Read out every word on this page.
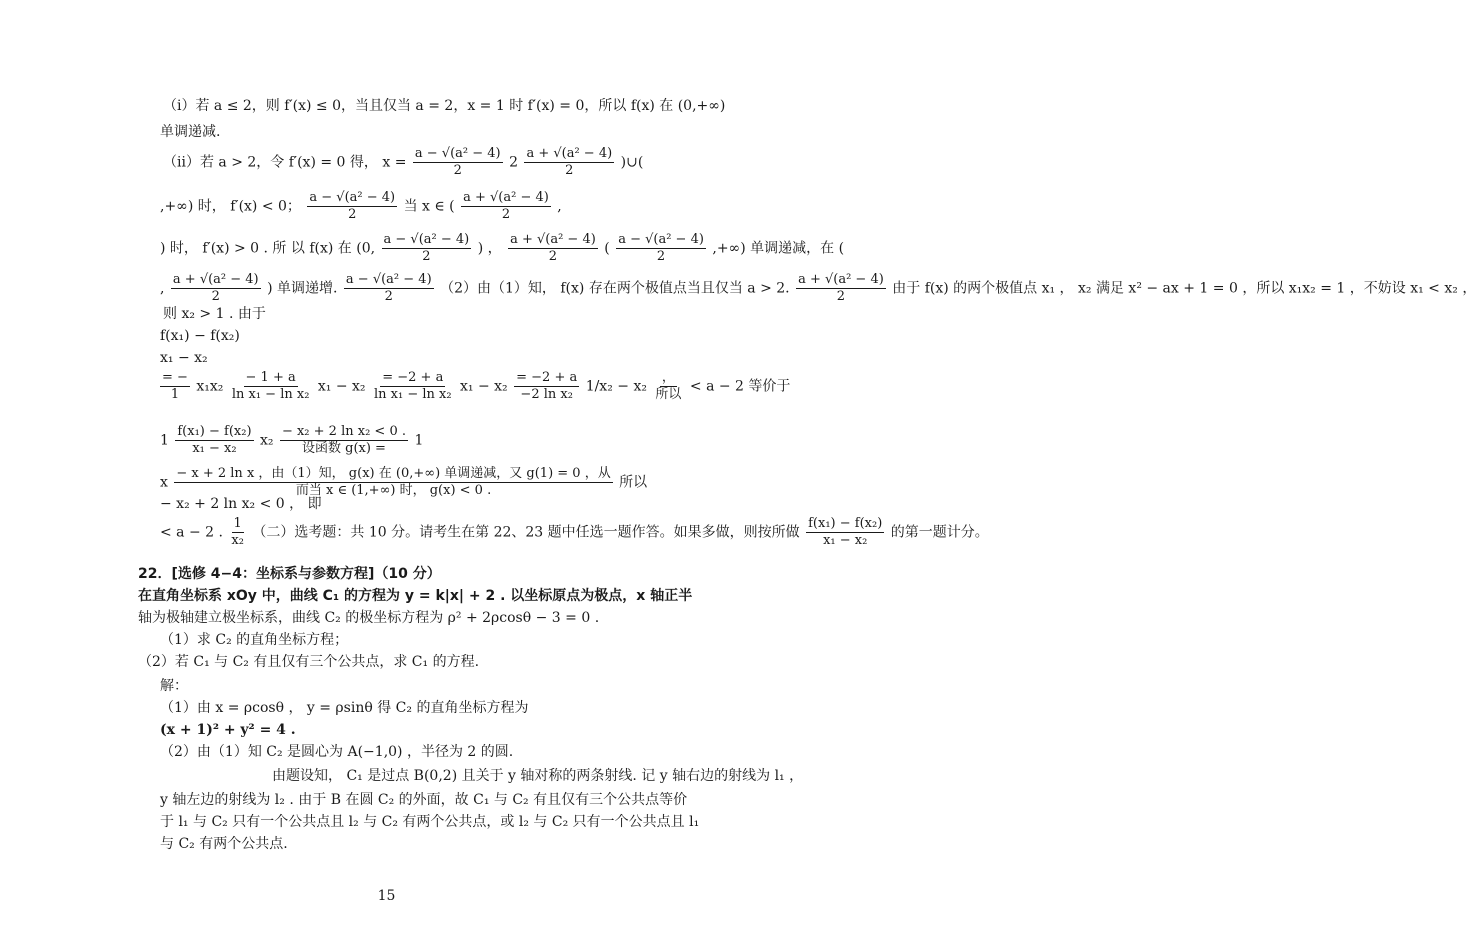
（ⅰ）若 a ≤ 2，则 f′(x) ≤ 0，当且仅当 a = 2，x = 1 时 f′(x) = 0，所以 f(x) 在 (0,+∞)
单调递减.
（ⅱ）若 a > 2，令 f′(x) = 0 得， $x = \frac{\text{a − √(a² − 4)}}{2} 2 \frac{\text{a + √(a² − 4)}}{2}$ )∪(
,+∞) 时， f′(x) < 0； $\frac{\text{a − √(a² − 4)}}{2}$ 当 x ∈ ( $\frac{\text{a + √(a² − 4)}}{2}$ ,
) 时， f′(x) > 0 . 所 以 f(x) 在 (0, $\frac{\text{a − √(a² − 4)}}{2}$ ) ， $\frac{\text{a + √(a² − 4)}}{2}$ ( $\frac{\text{a − √(a² − 4)}}{2}$ ,+∞) 单调递减，在 (
, $\frac{\text{a + √(a² − 4)}}{2}$ ) 单调递增. $\frac{\text{a − √(a² − 4)}}{2} (2)$由（1）知， f(x) 存在两个极值点当且仅当 a > 2. $\frac{\text{a + √(a² − 4)}}{2}$ 由于 f(x) 的两个极值点 x₁ ， x₂ 满足 x² − ax + 1 = 0 ，所以 x₁x₂ = 1 ，不妨设 x₁ < x₂ ，
则 x₂ > 1 . 由于
f(x₁) − f(x₂)
x₁ − x₂
$\frac{= -}{1} x_1x_2 \frac{- 1 + a}{\text{ln x₁ − ln x₂}} x_1 - x_2 \frac{= -2 + a}{\text{ln x₁ − ln x₂}} x_1 - x_2 \frac{= -2 + a}{\text{−2 ln x₂}} 1/x_2 - x_2 \frac{,}{\text{所以}} < a - 2$ 等价于
$1 \frac{\text{f(x₁) − f(x₂)}}{\text{x₁ − x₂}} x_2 \frac{\text{− x₂ + 2 ln x₂ < 0 .}}{\text{设函数 g(x) =}} 1$
x $\frac{\text{− x + 2 ln x ，由（1）知， g(x) 在 (0,+∞) 单调递减，又 g(1) = 0 ，从}}{\text{而当 x ∈ (1,+∞) 时， g(x) < 0 .}}$ 所以
− x₂ + 2 ln x₂ < 0 ， 即
< a − 2 . $\frac{1}{\text{x₂}}$ （二）选考题：共 10 分。请考生在第 22、23 题中任选一题作答。如果多做，则按所做 $\frac{\text{f(x₁) − f(x₂)}}{\text{x₁ − x₂}}$ 的第一题计分。
22．[选修 4−4：坐标系与参数方程]（10 分）
在直角坐标系 xOy 中，曲线 C₁ 的方程为 y = k|x| + 2 . 以坐标原点为极点，x 轴正半
轴为极轴建立极坐标系，曲线 C₂ 的极坐标方程为 ρ² + 2ρcosθ − 3 = 0 .
（1）求 C₂ 的直角坐标方程；
（2）若 C₁ 与 C₂ 有且仅有三个公共点，求 C₁ 的方程.
解：
（1）由 x = ρcosθ ， y = ρsinθ 得 C₂ 的直角坐标方程为
(x + 1)² + y² = 4 .
（2）由（1）知 C₂ 是圆心为 A(−1,0) ，半径为 2 的圆.
由题设知， C₁ 是过点 B(0,2) 且关于 y 轴对称的两条射线. 记 y 轴右边的射线为 l₁ ，
y 轴左边的射线为 l₂ . 由于 B 在圆 C₂ 的外面，故 C₁ 与 C₂ 有且仅有三个公共点等价
于 l₁ 与 C₂ 只有一个公共点且 l₂ 与 C₂ 有两个公共点，或 l₂ 与 C₂ 只有一个公共点且 l₁
与 C₂ 有两个公共点.
15
